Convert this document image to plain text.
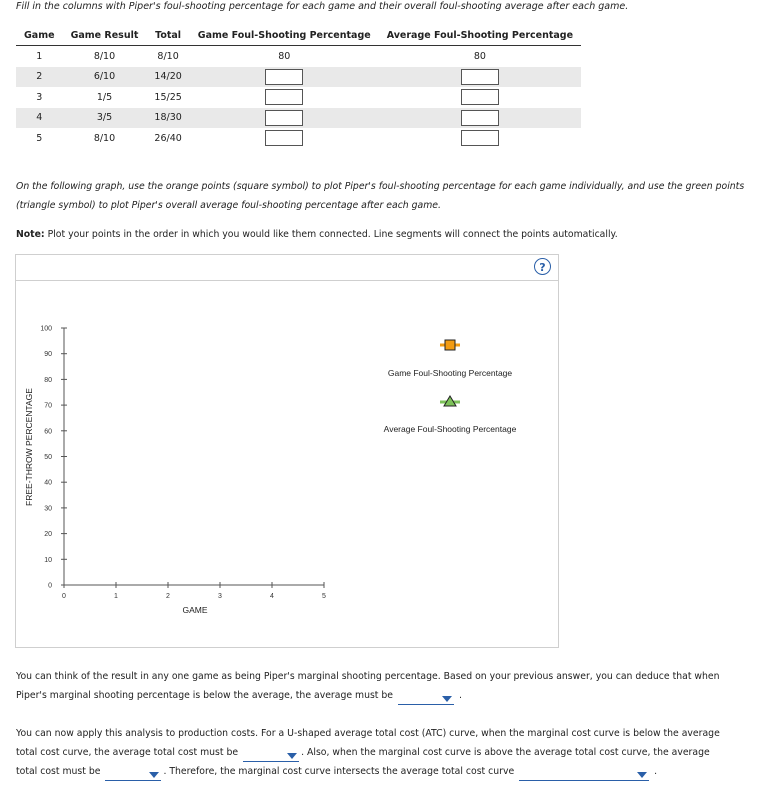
Fill in the columns with Piper's foul-shooting percentage for each game and their overall foul-shooting average after each game.
Game	Game Result	Total	Game Foul-Shooting Percentage	Average Foul-Shooting Percentage
1	8/10	8/10	80	80
2	6/10	14/20		
3	1/5	15/25		
4	3/5	18/30		
5	8/10	26/40		
On the following graph, use the orange points (square symbol) to plot Piper's foul-shooting percentage for each game individually, and use the green points (triangle symbol) to plot Piper's overall average foul-shooting percentage after each game.
Note: Plot your points in the order in which you would like them connected. Line segments will connect the points automatically.
?
0
10
20
30
40
50
60
70
80
90
100
0	1	2	3	4	5
GAME
FREE-THROW PERCENTAGE
Game Foul-Shooting Percentage
Average Foul-Shooting Percentage
You can think of the result in any one game as being Piper's marginal shooting percentage. Based on your previous answer, you can deduce that when
Piper's marginal shooting percentage is below the average, the average must be	.
You can now apply this analysis to production costs. For a U-shaped average total cost (ATC) curve, when the marginal cost curve is below the average
total cost curve, the average total cost must be	. Also, when the marginal cost curve is above the average total cost curve, the average
total cost must be	. Therefore, the marginal cost curve intersects the average total cost curve	.
